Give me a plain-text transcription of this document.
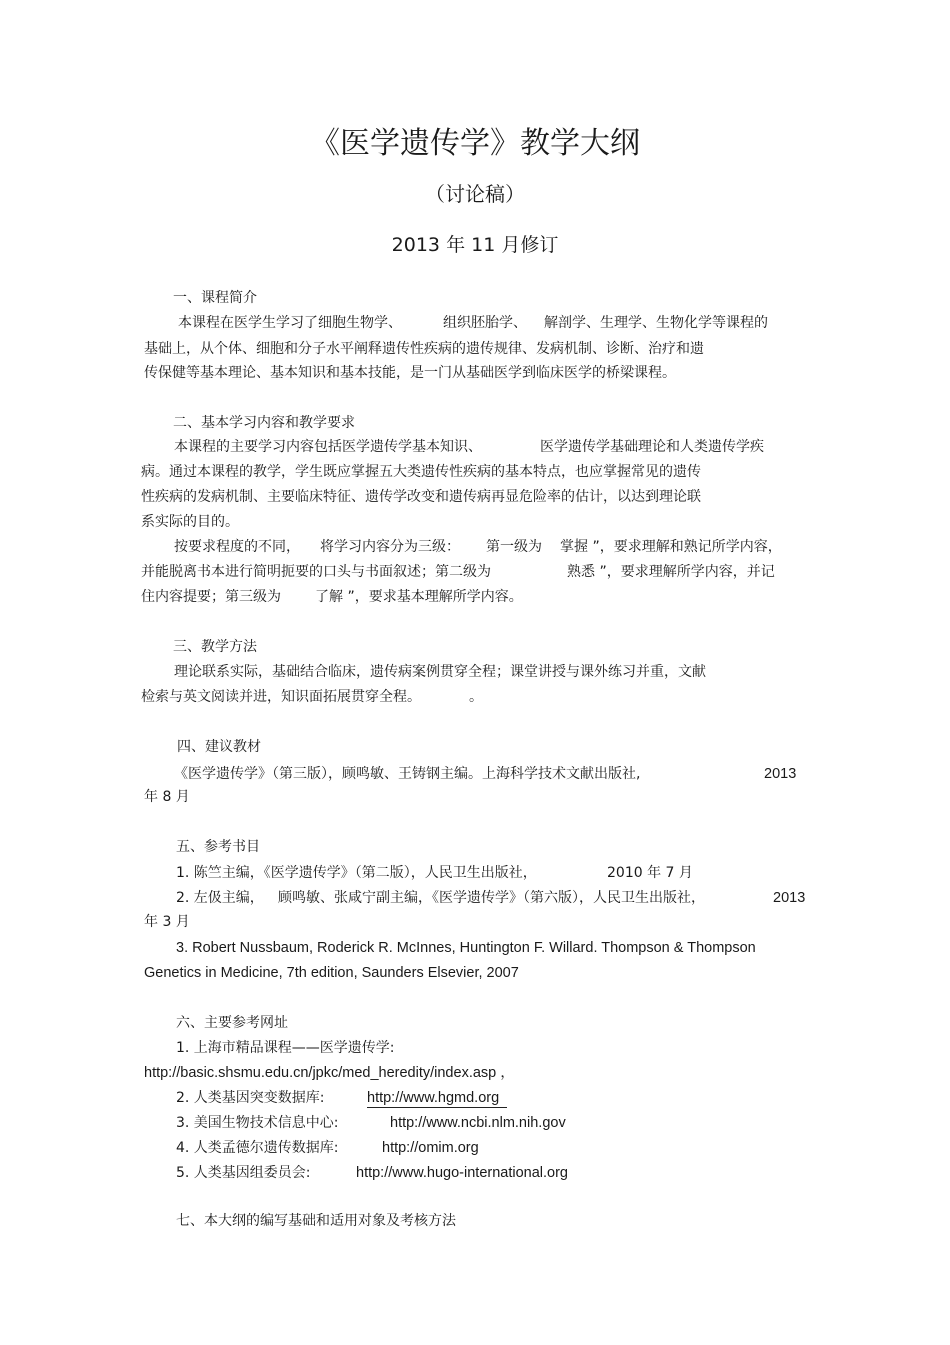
《医学遗传学》教学大纲
（讨论稿）
2013 年 11 月修订
一、课程简介
本课程在医学生学习了细胞生物学、	组织胚胎学、 解剖学、生理学、生物化学等课程的
基础上，从个体、细胞和分子水平阐释遗传性疾病的遗传规律、发病机制、诊断、治疗和遗
传保健等基本理论、基本知识和基本技能，是一门从基础医学到临床医学的桥梁课程。
二、基本学习内容和教学要求
本课程的主要学习内容包括医学遗传学基本知识、	医学遗传学基础理论和人类遗传学疾
病。通过本课程的教学，学生既应掌握五大类遗传性疾病的基本特点，也应掌握常见的遗传
性疾病的发病机制、主要临床特征、遗传学改变和遗传病再显危险率的估计，以达到理论联
系实际的目的。
按要求程度的不同， 将学习内容分为三级： 第一级为 掌握 ”，要求理解和熟记所学内容，
并能脱离书本进行简明扼要的口头与书面叙述；第二级为	熟悉 ”，要求理解所学内容，并记
住内容提要；第三级为 了解 ”，要求基本理解所学内容。
三、教学方法
理论联系实际，基础结合临床，遗传病案例贯穿全程；课堂讲授与课外练习并重，文献
检索与英文阅读并进，知识面拓展贯穿全程。	。
四、建议教材
《医学遗传学》（第三版），顾鸣敏、王铸钢主编。上海科学技术文献出版社,	2013
年 8 月
五、参考书目
1. 陈竺主编，《医学遗传学》（第二版），人民卫生出版社，	2010 年 7 月
2. 左伋主编， 顾鸣敏、张咸宁副主编，《医学遗传学》（第六版），人民卫生出版社，	2013
年 3 月
3. Robert Nussbaum, Roderick R. McInnes, Huntington F. Willard. Thompson & Thompson
Genetics in Medicine, 7th edition, Saunders Elsevier, 2007
六、主要参考网址
1. 上海市精品课程——医学遗传学:
http://basic.shsmu.edu.cn/jpkc/med_heredity/index.asp ，
2. 人类基因突变数据库:	http://www.hgmd.org
3. 美国生物技术信息中心:	http://www.ncbi.nlm.nih.gov
4. 人类孟德尔遗传数据库:	http://omim.org
5. 人类基因组委员会:	http://www.hugo-international.org
七、本大纲的编写基础和适用对象及考核方法
